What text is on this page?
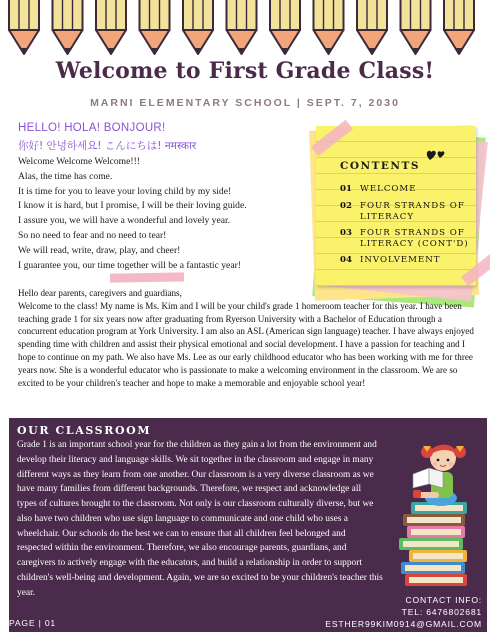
Welcome to First Grade Class!
MARNI ELEMENTARY SCHOOL | SEPT. 7, 2030
HELLO! HOLA! BONJOUR!
你好! 안녕하세요! こんにちは! नमस्कार
Welcome Welcome Welcome!!!
Alas, the time has come.
It is time for you to leave your loving child by my side!
I know it is hard, but I promise, I will be their loving guide.
I assure you, we will have a wonderful and lovely year.
So no need to fear and no need to tear!
We will read, write, draw, play, and cheer!
I guarantee you, our time together will be a fantastic year!
CONTENTS
01 WELCOME
02 FOUR STRANDS OF LITERACY
03 FOUR STRANDS OF LITERACY (CONT'D)
04 INVOLVEMENT

Hello dear parents, caregivers and guardians,

Welcome to the class! My name is Ms. Kim and I will be your child's grade 1 homeroom teacher for this year. I have been teaching grade 1 for six years now after graduating from Ryerson University with a Bachelor of Education through a concurrent education program at York University. I am also an ASL (American sign language) teacher. I have always enjoyed spending time with children and assist their physical emotional and social development. I have a passion for teaching and I hope to continue on my path. We also have Ms. Lee as our early childhood educator who has been working with me for three years now. She is a wonderful educator who is passionate to make a welcoming environment in the classroom. We are so excited to be your children's teacher and hope to make a memorable and enjoyable school year!

OUR CLASSROOM

Grade 1 is an important school year for the children as they gain a lot from the environment and develop their literacy and language skills. We sit together in the classroom and engage in many different ways as they learn from one another. Our classroom is a very diverse classroom as we have many families from different backgrounds. Therefore, we respect and acknowledge all types of cultures brought to the classroom. Not only is our classroom culturally diverse, but we also have two children who use sign language to communicate and one child who uses a wheelchair. Our schools do the best we can to ensure that all children feel belonged and respected within the environment. Therefore, we also encourage parents, guardians, and caregivers to actively engage with the educators, and build a relationship in order to support children's well-being and development. Again, we are so excited to be your children's teacher this year.

CONTACT INFO:
TEL: 6476802681
ESTHER99KIM0914@GMAIL.COM
PAGE | 01
